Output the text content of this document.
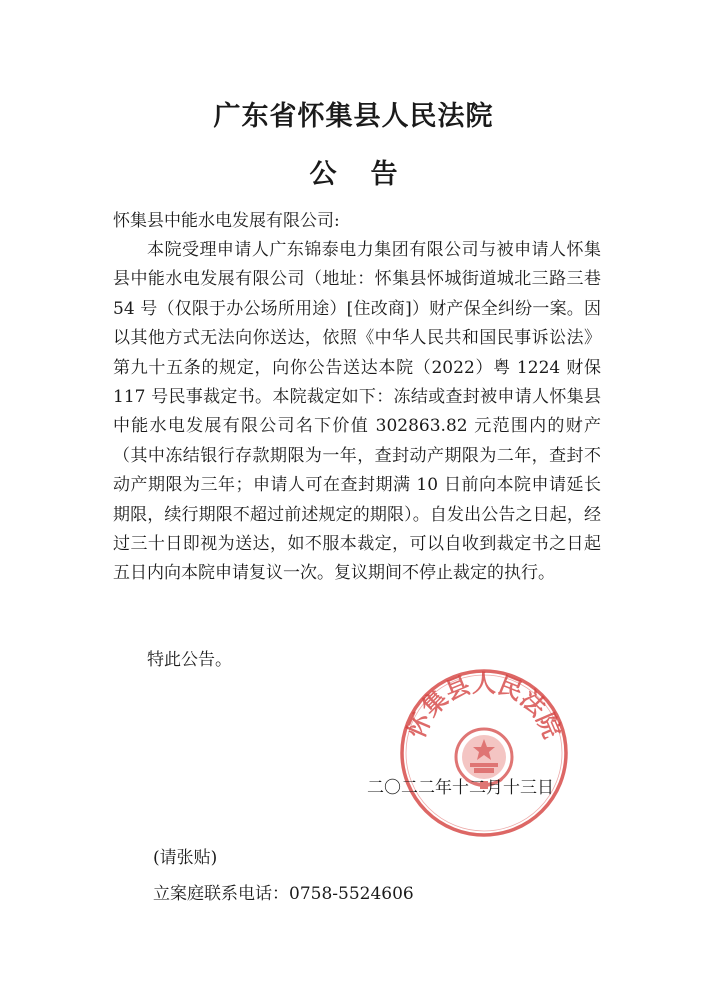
广东省怀集县人民法院
公告
怀集县中能水电发展有限公司:

本院受理申请人广东锦泰电力集团有限公司与被申请人怀集县中能水电发展有限公司（地址：怀集县怀城街道城北三路三巷 54 号（仅限于办公场所用途）[住改商]）财产保全纠纷一案。因以其他方式无法向你送达，依照《中华人民共和国民事诉讼法》第九十五条的规定，向你公告送达本院（2022）粤 1224 财保 117 号民事裁定书。本院裁定如下：冻结或查封被申请人怀集县中能水电发展有限公司名下价值 302863.82 元范围内的财产（其中冻结银行存款期限为一年，查封动产期限为二年，查封不动产期限为三年；申请人可在查封期满 10 日前向本院申请延长期限，续行期限不超过前述规定的期限）。自发出公告之日起，经过三十日即视为送达，如不服本裁定，可以自收到裁定书之日起五日内向本院申请复议一次。复议期间不停止裁定的执行。

特此公告。
怀集县人民法院
二〇二二年十二月十三日
(请张贴)
立案庭联系电话：0758-5524606
